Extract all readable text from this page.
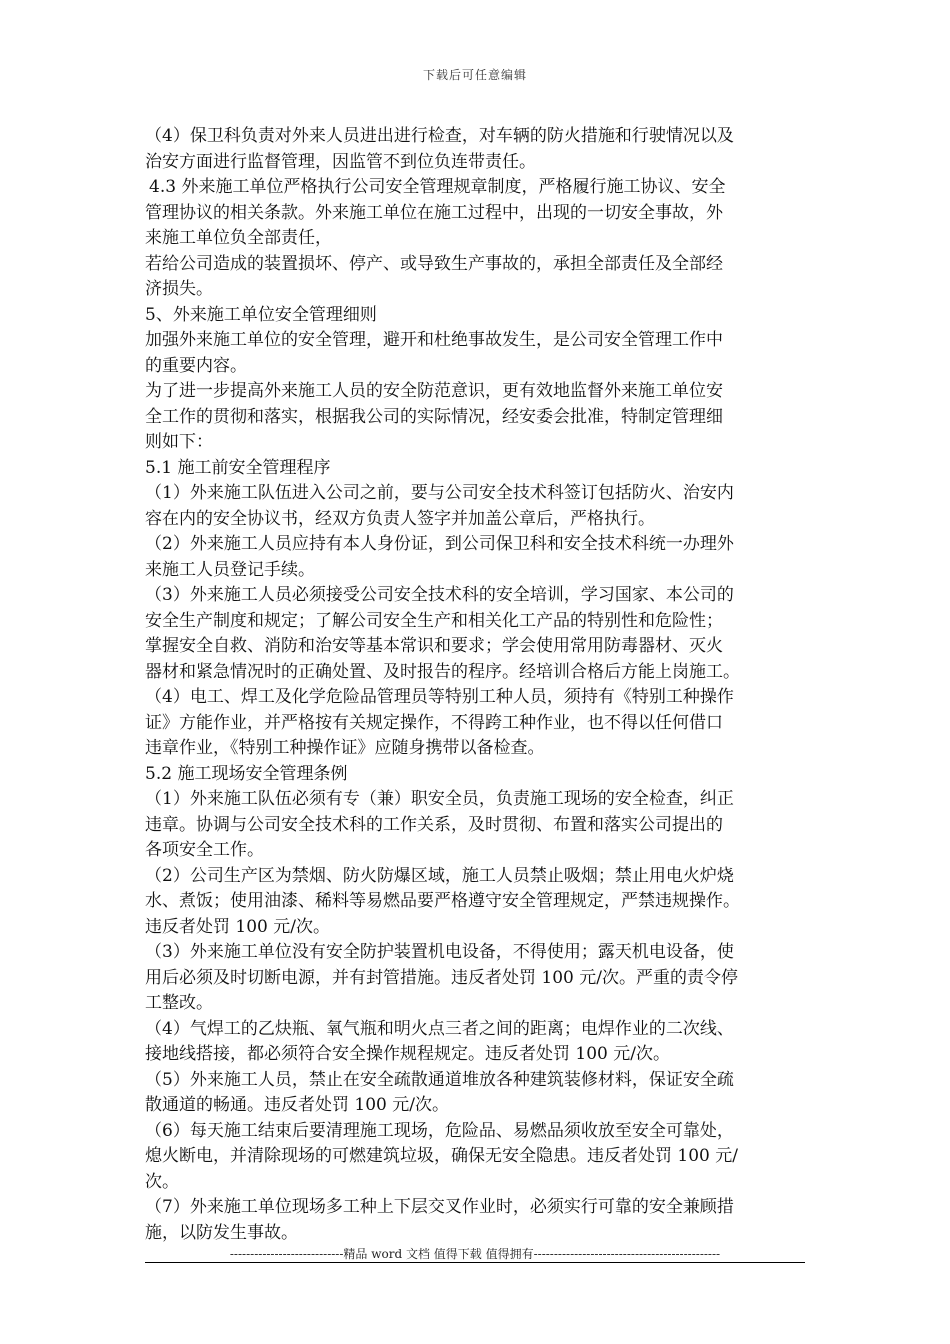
下载后可任意编辑
（4）保卫科负责对外来人员进出进行检查，对车辆的防火措施和行驶情况以及
治安方面进行监督管理，因监管不到位负连带责任。
4.3 外来施工单位严格执行公司安全管理规章制度，严格履行施工协议、安全
管理协议的相关条款。外来施工单位在施工过程中，出现的一切安全事故，外
来施工单位负全部责任，
若给公司造成的装置损坏、停产、或导致生产事故的，承担全部责任及全部经
济损失。
5、外来施工单位安全管理细则
加强外来施工单位的安全管理，避开和杜绝事故发生，是公司安全管理工作中
的重要内容。
为了进一步提高外来施工人员的安全防范意识，更有效地监督外来施工单位安
全工作的贯彻和落实，根据我公司的实际情况，经安委会批准，特制定管理细
则如下：
5.1 施工前安全管理程序
（1）外来施工队伍进入公司之前，要与公司安全技术科签订包括防火、治安内
容在内的安全协议书，经双方负责人签字并加盖公章后，严格执行。
（2）外来施工人员应持有本人身份证，到公司保卫科和安全技术科统一办理外
来施工人员登记手续。
（3）外来施工人员必须接受公司安全技术科的安全培训，学习国家、本公司的
安全生产制度和规定；了解公司安全生产和相关化工产品的特别性和危险性；
掌握安全自救、消防和治安等基本常识和要求；学会使用常用防毒器材、灭火
器材和紧急情况时的正确处置、及时报告的程序。经培训合格后方能上岗施工。
（4）电工、焊工及化学危险品管理员等特别工种人员，须持有《特别工种操作
证》方能作业，并严格按有关规定操作，不得跨工种作业，也不得以任何借口
违章作业，《特别工种操作证》应随身携带以备检查。
5.2 施工现场安全管理条例
（1）外来施工队伍必须有专（兼）职安全员，负责施工现场的安全检查，纠正
违章。协调与公司安全技术科的工作关系，及时贯彻、布置和落实公司提出的
各项安全工作。
（2）公司生产区为禁烟、防火防爆区域，施工人员禁止吸烟；禁止用电火炉烧
水、煮饭；使用油漆、稀料等易燃品要严格遵守安全管理规定，严禁违规操作。
违反者处罚 100 元/次。
（3）外来施工单位没有安全防护装置机电设备，不得使用；露天机电设备，使
用后必须及时切断电源，并有封管措施。违反者处罚 100 元/次。严重的责令停
工整改。
（4）气焊工的乙炔瓶、氧气瓶和明火点三者之间的距离；电焊作业的二次线、
接地线搭接，都必须符合安全操作规程规定。违反者处罚 100 元/次。
（5）外来施工人员，禁止在安全疏散通道堆放各种建筑装修材料，保证安全疏
散通道的畅通。违反者处罚 100 元/次。
（6）每天施工结束后要清理施工现场，危险品、易燃品须收放至安全可靠处，
熄火断电，并清除现场的可燃建筑垃圾，确保无安全隐患。违反者处罚 100 元/
次。
（7）外来施工单位现场多工种上下层交叉作业时，必须实行可靠的安全兼顾措
施，以防发生事故。
----------------------------精品 word 文档 值得下载 值得拥有----------------------------------------------
